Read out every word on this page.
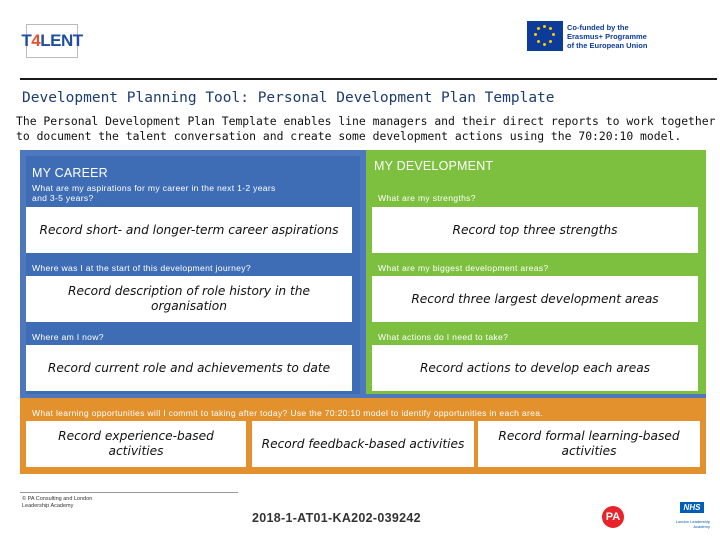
T 4 LENT
Co-funded by the
Erasmus+ Programme
of the European Union
Development Planning Tool: Personal Development Plan Template
The Personal Development Plan Template enables line managers and their direct reports to work together to document the talent conversation and create some development actions using the 70:20:10 model.
MY CAREER
What are my aspirations for my career in the next 1-2 years
and 3-5 years?
Record short- and longer-term career aspirations
Where was I at the start of this development journey?
Record description of role history in the organisation
Where am I now?
Record current role and achievements to date
MY DEVELOPMENT
What are my strengths?
Record top three strengths
What are my biggest development areas?
Record three largest development areas
What actions do I need to take?
Record actions to develop each areas
What learning opportunities will I commit to taking after today? Use the 70:20:10 model to identify opportunities in each area.
Record experience-based activities
Record feedback-based activities
Record formal learning-based activities
© PA Consulting and London
Leadership Academy
2018-1-AT01-KA202-039242	PA
NHS
London Leadership Academy
